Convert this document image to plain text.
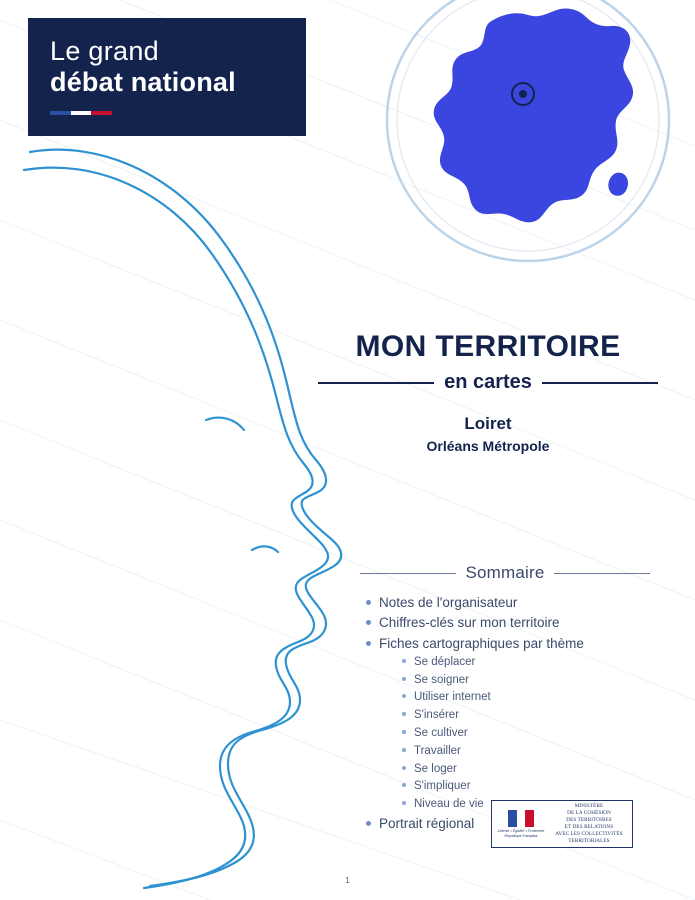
Le grand
débat national
MON TERRITOIRE
en cartes
Loiret
Orléans Métropole
Sommaire
Notes de l'organisateur
Chiffres-clés sur mon territoire
Fiches cartographiques par thème
Se déplacer
Se soigner
Utiliser internet
S'insérer
Se cultiver
Travailler
Se loger
S'impliquer
Niveau de vie
Portrait régional
Liberté • Égalité • Fraternité
République Française
MINISTÈRE
DE LA COHÉSION
DES TERRITOIRES
ET DES RELATIONS
AVEC LES COLLECTIVITÉS
TERRITORIALES
1
